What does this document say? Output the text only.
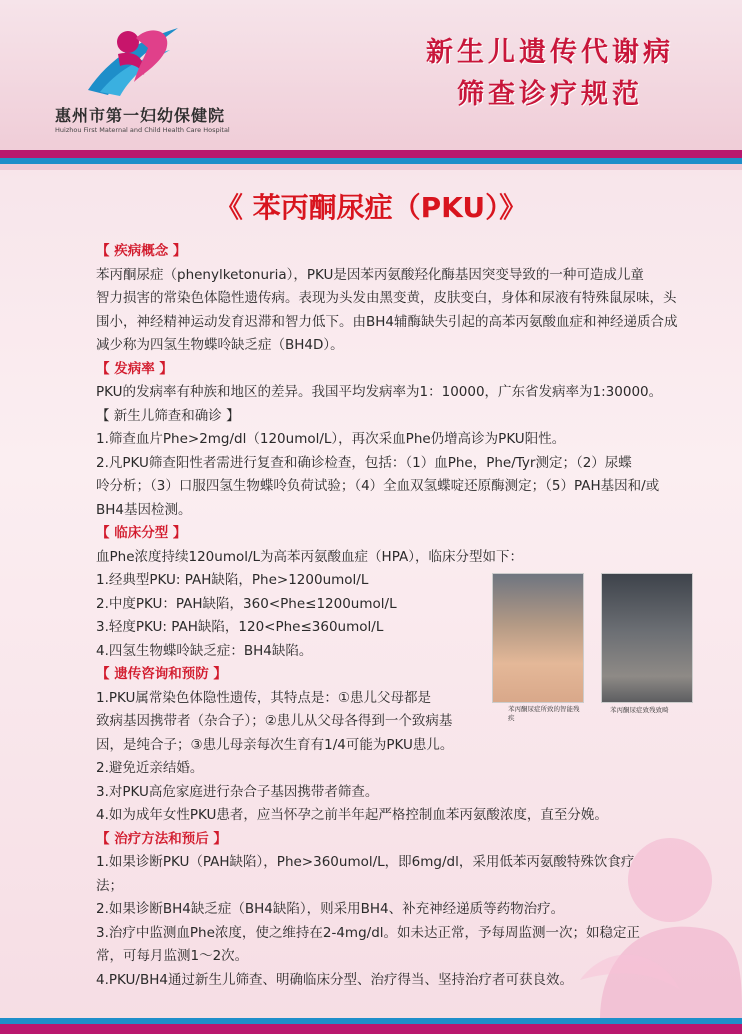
惠州市第一妇幼保健院
Huizhou First Maternal and Child Health Care Hospital
新生儿遗传代谢病
筛查诊疗规范
《 苯丙酮尿症（PKU）》

【 疾病概念 】

苯丙酮尿症（phenylketonuria），PKU是因苯丙氨酸羟化酶基因突变导致的一种可造成儿童

智力损害的常染色体隐性遗传病。表现为头发由黑变黄，皮肤变白，身体和尿液有特殊鼠尿味，头

围小，神经精神运动发育迟滞和智力低下。由BH4辅酶缺失引起的高苯丙氨酸血症和神经递质合成

减少称为四氢生物蝶呤缺乏症（BH4D）。

【 发病率 】

PKU的发病率有种族和地区的差异。我国平均发病率为1：10000，广东省发病率为1:30000。

【 新生儿筛查和确诊 】

1.筛查血片Phe>2mg/dl（120umol/L），再次采血Phe仍增高诊为PKU阳性。

2.凡PKU筛查阳性者需进行复查和确诊检查，包括：（1）血Phe，Phe/Tyr测定；（2）尿蝶

呤分析；（3）口服四氢生物蝶呤负荷试验；（4）全血双氢蝶啶还原酶测定；（5）PAH基因和/或

BH4基因检测。

【 临床分型 】

血Phe浓度持续120umol/L为高苯丙氨酸血症（HPA），临床分型如下：

1.经典型PKU: PAH缺陷，Phe>1200umol/L

2.中度PKU：PAH缺陷，360<Phe≤1200umol/L

3.轻度PKU: PAH缺陷，120<Phe≤360umol/L

4.四氢生物蝶呤缺乏症：BH4缺陷。

【 遗传咨询和预防 】

1.PKU属常染色体隐性遗传，其特点是：①患儿父母都是

致病基因携带者（杂合子）；②患儿从父母各得到一个致病基

因，是纯合子；③患儿母亲每次生育有1/4可能为PKU患儿。

2.避免近亲结婚。

3.对PKU高危家庭进行杂合子基因携带者筛查。

4.如为成年女性PKU患者，应当怀孕之前半年起严格控制血苯丙氨酸浓度，直至分娩。

【 治疗方法和预后 】

1.如果诊断PKU（PAH缺陷），Phe>360umol/L，即6mg/dl，采用低苯丙氨酸特殊饮食疗

法；

2.如果诊断BH4缺乏症（BH4缺陷），则采用BH4、补充神经递质等药物治疗。

3.治疗中监测血Phe浓度，使之维持在2-4mg/dl。如未达正常，予每周监测一次；如稳定正

常，可每月监测1～2次。

4.PKU/BH4通过新生儿筛查、明确临床分型、治疗得当、坚持治疗者可获良效。

苯丙酮尿症所致的智能残疾
苯丙酮尿症致残致畸
